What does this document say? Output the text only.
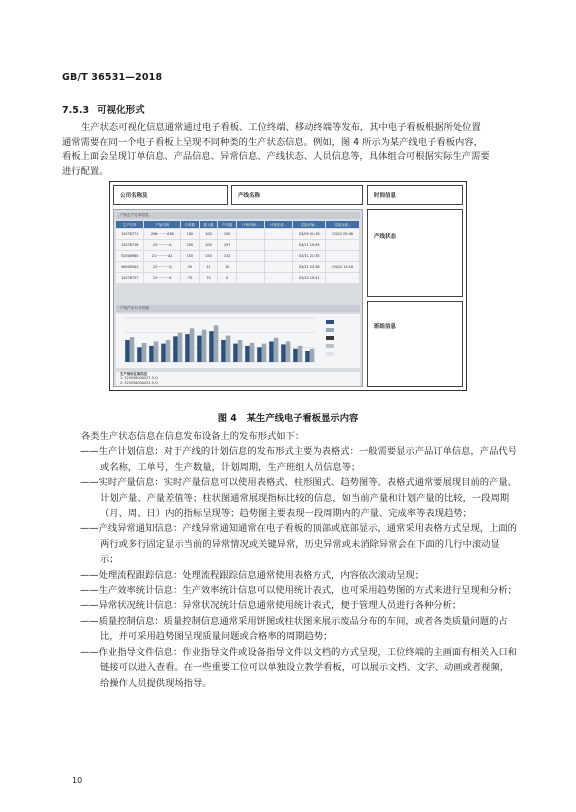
GB/T 36531—2018
7.5.3 可视化形式

生产状态可视化信息通常通过电子看板、工位终端、移动终端等发布，其中电子看板根据所处位置

通常需要在同一个电子看板上呈现不同种类的生产状态信息。例如，图 4 所示为某产线电子看板内容，

看板上面会呈现订单信息、产品信息、异常信息、产线状态、人员信息等，具体组合可根据实际生产需要

进行配置。

公司名称及	产线名称	时间信息
产线状态
班组信息
产线生产订单信息
生产订单	产品代码	订单数	投入数	产出数	计划开始...	计划完成...	实际开始...	实际完成...
12076771	206·········A38	100	100	100			03/09 01:18	03/12 09:36
12076716	22···········A	200	200	197			03/11 10:49	
52006980	21···········A1	150	150	132			03/11 21:35	
08005543	22···········Q	20	11	10			03/11 23:38	03/12 13:16
12076757	22···········A	70	70	0			03/12 10:51	
产线产出行分布图
生产现场在制信息
1: 52005800A027-5-Q
2: 52005800A023-5-Q
图 4 某生产线电子看板显示内容

各类生产状态信息在信息发布设备上的发布形式如下：

——生产计划信息：对于产线的计划信息的发布形式主要为表格式：一般需要显示产品订单信息，产品代号或名称，工单号，生产数量，计划周期，生产班组人员信息等；

——实时产量信息：实时产量信息可以使用表格式、柱形图式、趋势图等。表格式通常要展现目前的产量、计划产量、产量差值等；柱状图通常展现指标比较的信息，如当前产量和计划产量的比较，一段周期（月、周、日）内的指标呈现等；趋势图主要表现一段周期内的产量、完成率等表现趋势；

——产线异常通知信息：产线异常通知通常在电子看板的顶部或底部显示，通常采用表格方式呈现，上面的两行或多行固定显示当前的异常情况或关键异常，历史异常或未消除异常会在下面的几行中滚动显示；

——处理流程跟踪信息：处理流程跟踪信息通常使用表格方式，内容依次滚动呈现；

——生产效率统计信息：生产效率统计信息可以使用统计表式，也可采用趋势图的方式来进行呈现和分析；

——异常状况统计信息：异常状况统计信息通常使用统计表式，便于管理人员进行各种分析；

——质量控制信息：质量控制信息通常采用饼图或柱状图来展示废品分布的车间，或者各类质量问题的占比，并可采用趋势图呈现质量问题或合格率的周期趋势；

——作业指导文件信息：作业指导文件或设备指导文件以文档的方式呈现，工位终端的主画面有相关入口和链接可以进入查看。在一些重要工位可以单独设立教学看板，可以展示文档、文字、动画或者视频，给操作人员提供现场指导。

10
